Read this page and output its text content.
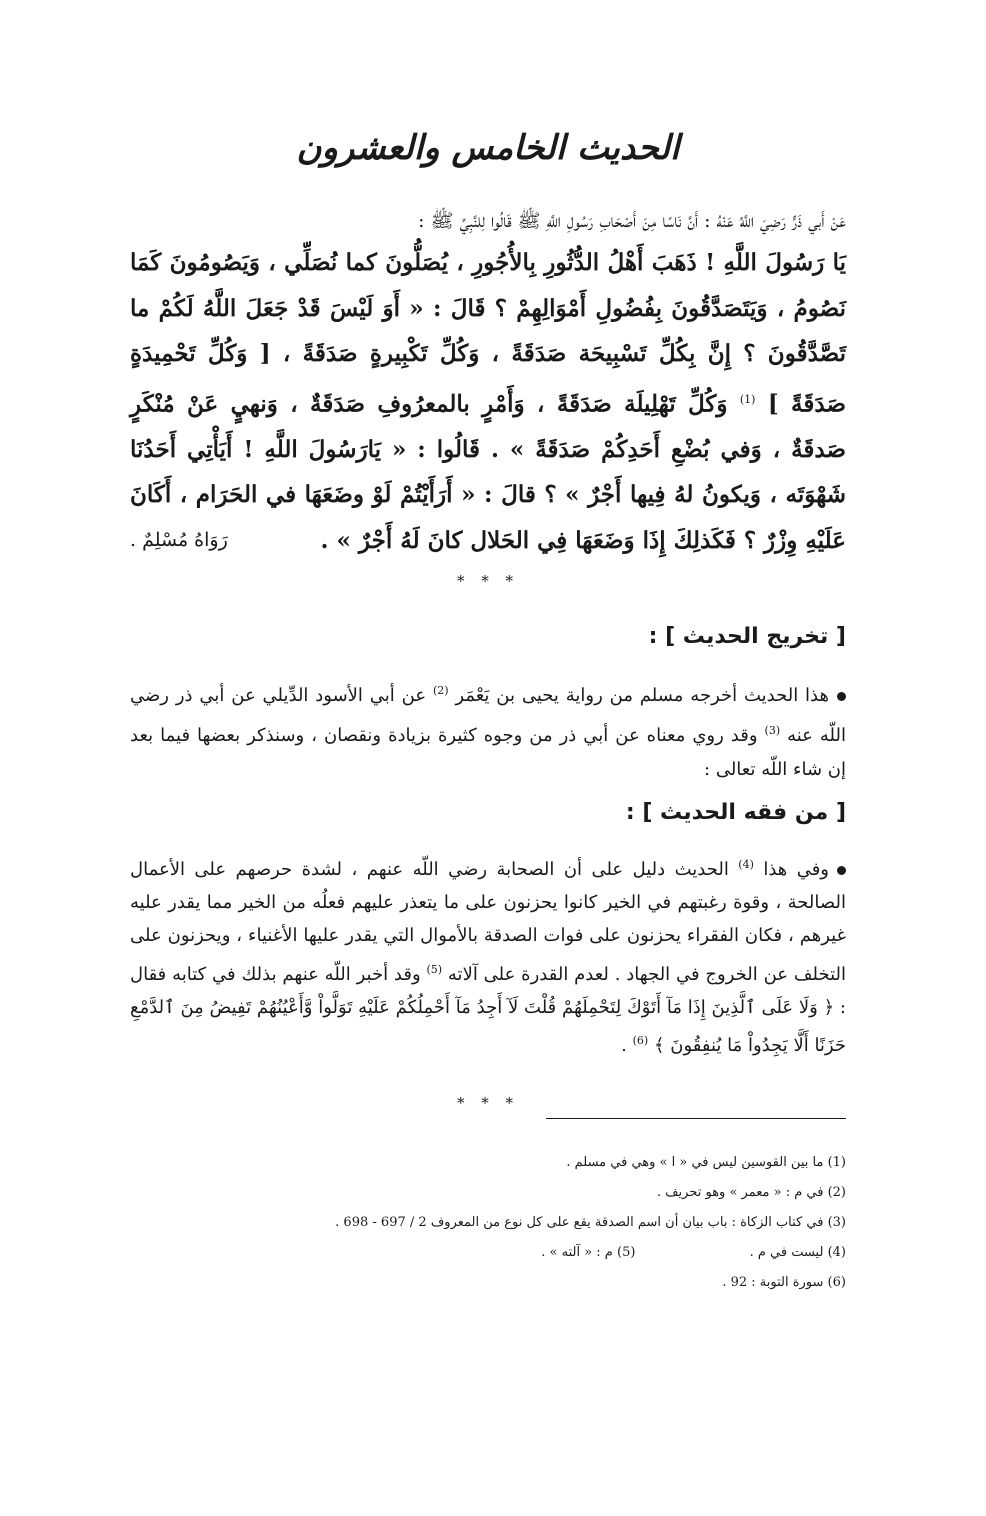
الحديث الخامس والعشرون
عَنْ أَبي ذَرٍّ رَضِيَ اللَّهُ عَنْهُ : أَنَّ نَاسًا مِنَ أَصْحَابِ رَسُولِ اللَّهِ ﷺ قَالُوا لِلنَّبِيِّ ﷺ :
يَا رَسُولَ اللَّهِ ! ذَهَبَ أَهْلُ الدُّثُورِ بِالأُجُورِ ، يُصَلُّونَ كما نُصَلِّي ، وَيَصُومُونَ كَمَا نَصُومُ ، وَيَتَصَدَّقُونَ بِفُضُولِ أَمْوَالِهِمْ ؟ قَالَ : « أَوَ لَيْسَ قَدْ جَعَلَ اللَّهُ لَكُمْ ما تَصَّدَّقُونَ ؟ إِنَّ بِكُلِّ تَسْبِيحَة صَدَقَةً ، وَكُلِّ تَكْبِيرةٍ صَدَقَةً ، [ وَكُلِّ تَحْمِيدَةٍ صَدَقَةً ] $^{(1)}$ وَكُلِّ تَهْلِيلَة صَدَقَةً ، وَأَمْرٍ بالمعرُوفِ صَدَقَةٌ ، وَنهيٍ عَنْ مُنْكَرٍ صَدقَةٌ ، وَفي بُضْعِ أَحَدِكُمْ صَدَقَةً » . قَالُوا : « يَارَسُولَ اللَّهِ ! أَيَأْتِي أَحَدُنَا شَهْوَتَه ، وَيكونُ لهُ فِيها أَجْرٌ » ؟ قالَ : « أَرَأَيْتُمْ لَوْ وضَعَهَا في الحَرَام ، أَكَانَ عَلَيْهِ وِزْرٌ ؟ فَكَذلِكَ إِذَا وَضَعَهَا فِي الحَلال كانَ لَهُ أَجْرٌ » .
رَوَاهُ مُسْلِمٌ .
* * *
[ تخريج الحديث ] :
هذا الحديث أخرجه مسلم من رواية يحيى بن يَعْمَر $^{(2)}$ عن أبي الأسود الدِّيلي عن أبي ذر رضي اللّه عنه $^{(3)}$ وقد روي معناه عن أبي ذر من وجوه كثيرة بزيادة ونقصان ، وسنذكر بعضها فيما بعد إن شاء اللّه تعالى :
[ من فقه الحديث ] :
وفي هذا $^{(4)}$ الحديث دليل على أن الصحابة رضي اللّه عنهم ، لشدة حرصهم على الأعمال الصالحة ، وقوة رغبتهم في الخير كانوا يحزنون على ما يتعذر عليهم فعلُه من الخير مما يقدر عليه غيرهم ، فكان الفقراء يحزنون على فوات الصدقة بالأموال التي يقدر عليها الأغنياء ، ويحزنون على التخلف عن الخروج في الجهاد . لعدم القدرة على آلاته $^{(5)}$ وقد أخبر اللّه عنهم بذلك في كتابه فقال : ﴿ وَلَا عَلَى ٱلَّذِينَ إِذَا مَآ أَتَوْكَ لِتَحْمِلَهُمْ قُلْتَ لَآ أَجِدُ مَآ أَحْمِلُكُمْ عَلَيْهِ تَوَلَّواْ وَّأَعْيُنُهُمْ تَفِيضُ مِنَ ٱلدَّمْعِ حَزَنًا أَلَّا يَجِدُواْ مَا يُنفِقُونَ ﴾ $^{(6)}$ .
* * *
(1) ما بين القوسين ليس في « ا » وهي في مسلم .
(2) في م : « معمر » وهو تحريف .
(3) في كتاب الزكاة : باب بيان أن اسم الصدقة يقع على كل نوع من المعروف 2 / 697 - 698 .
(4) ليست في م . (5) م : « آلته » .
(6) سورة التوبة : 92 .
